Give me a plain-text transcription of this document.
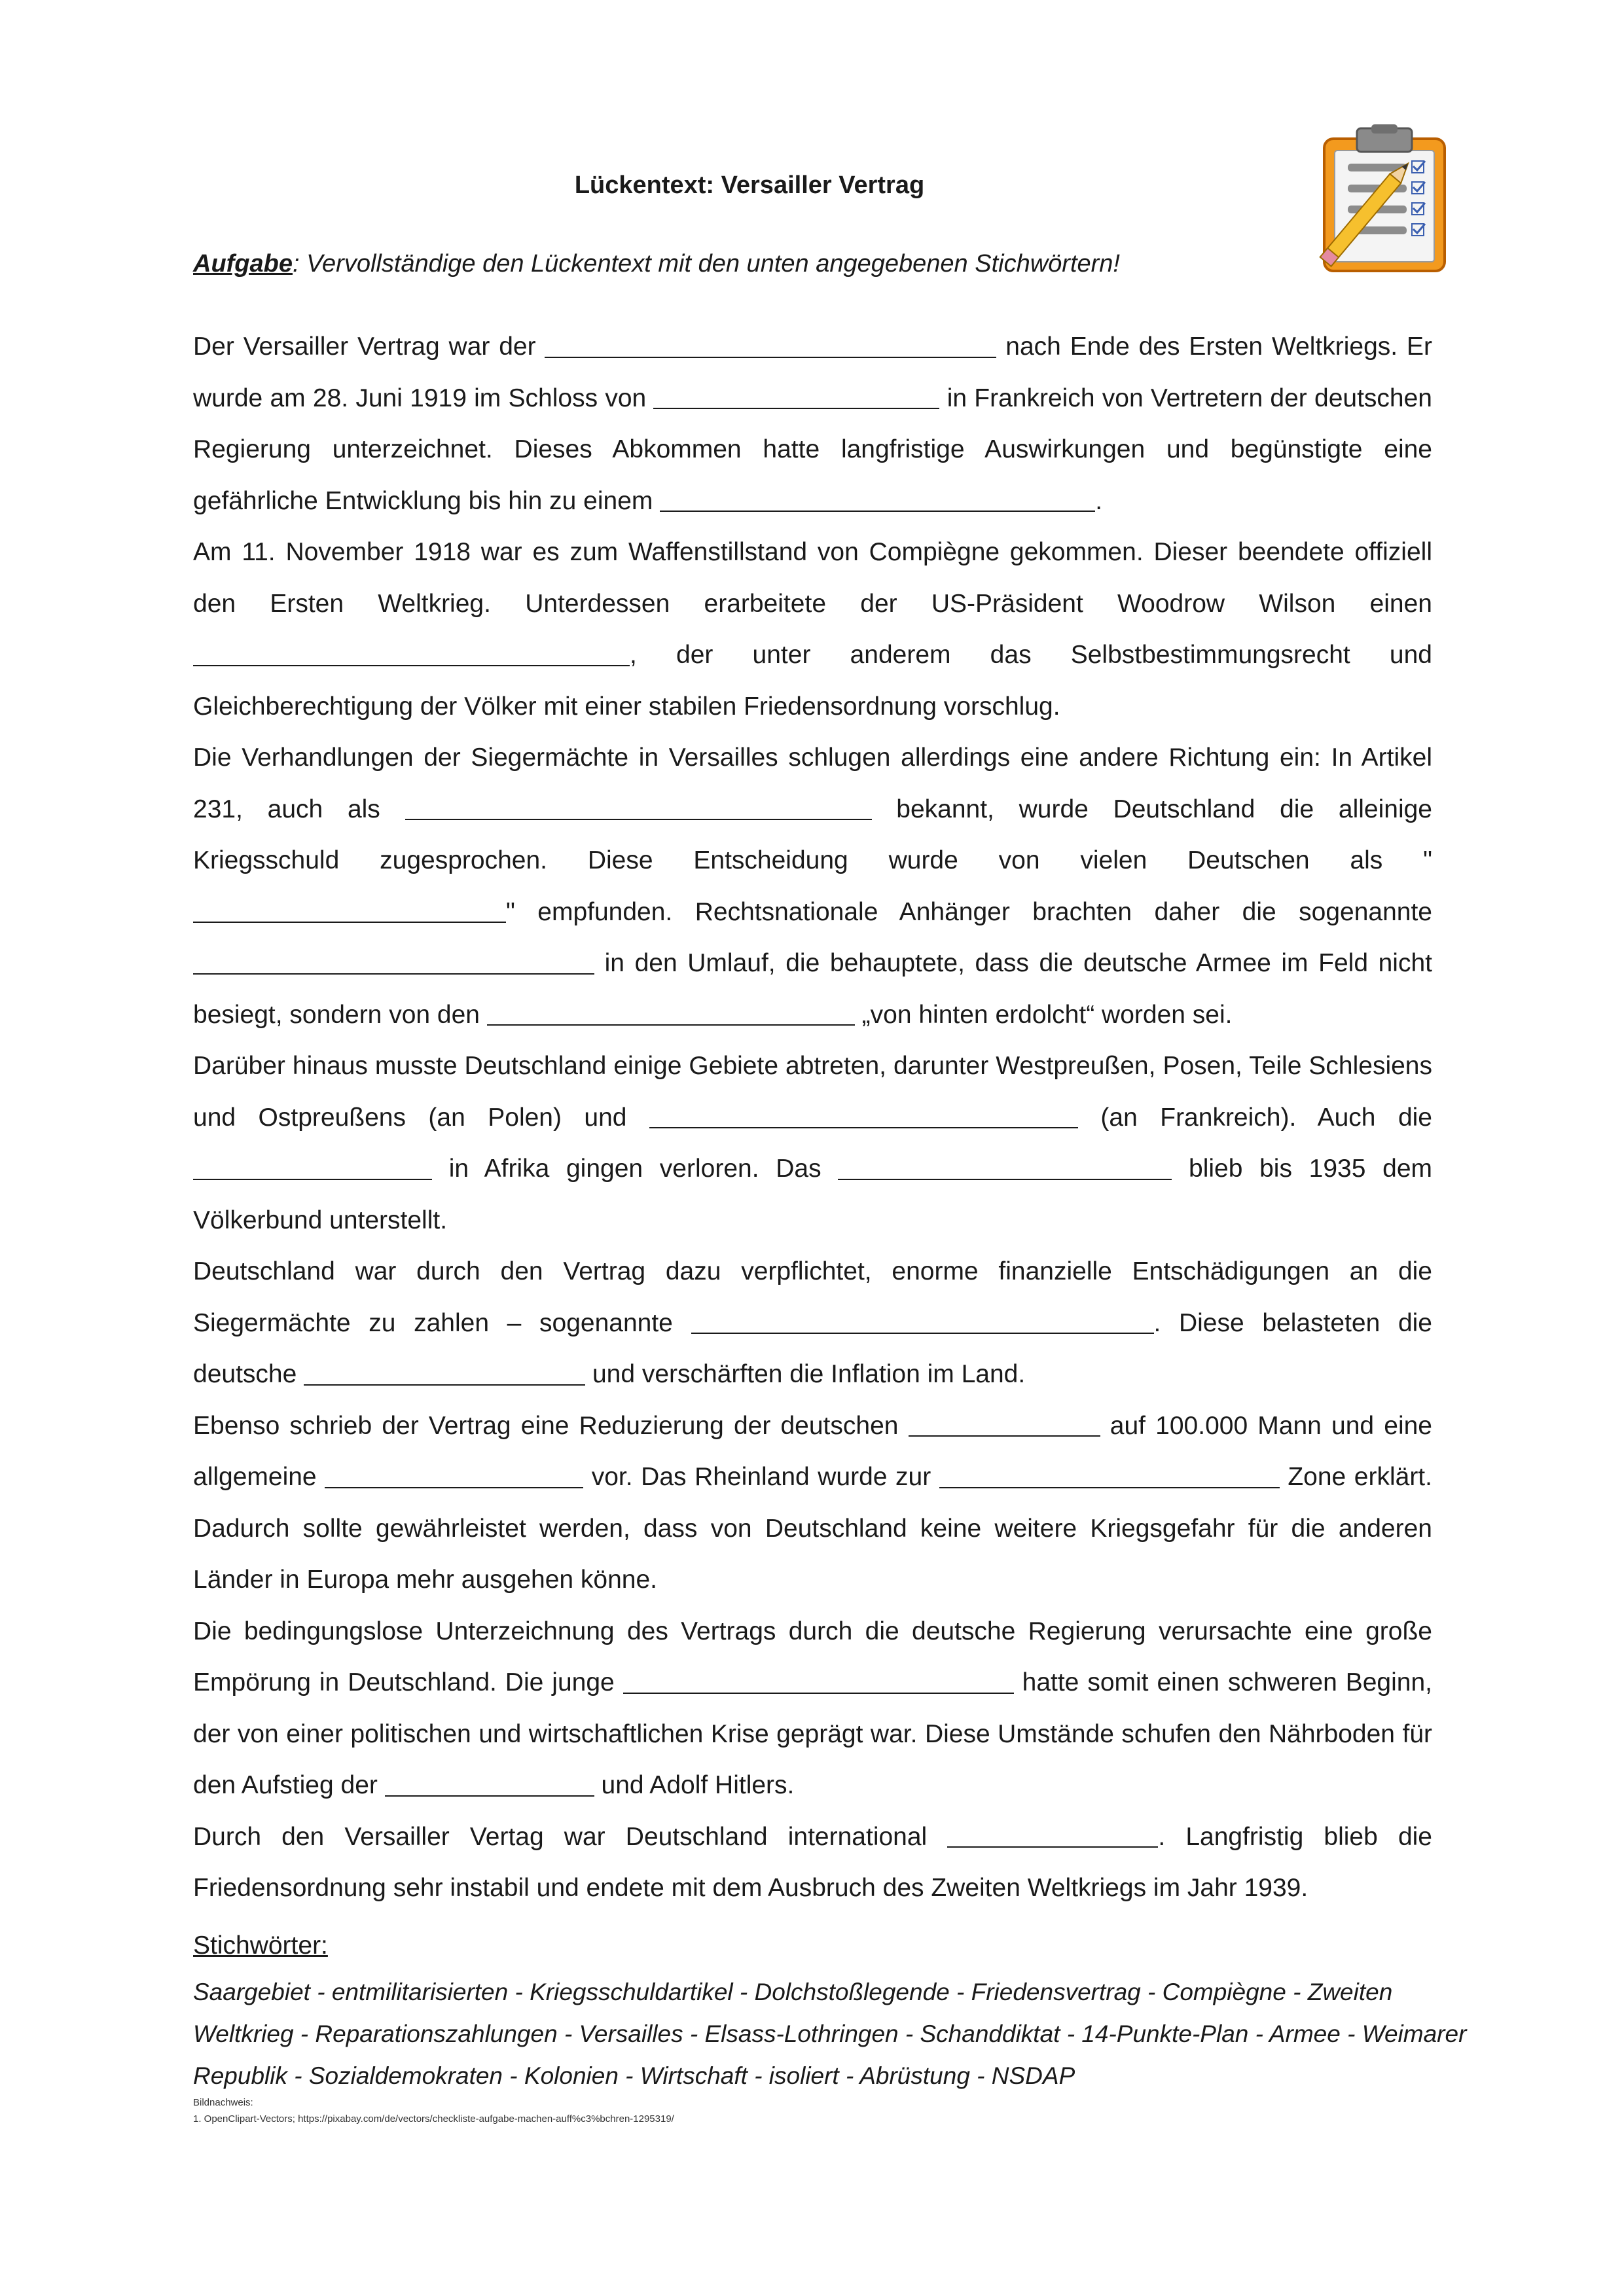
Lückentext: Versailler Vertrag
Aufgabe: Vervollständige den Lückentext mit den unten angegebenen Stichwörtern!

Der Versailler Vertrag war der	nach Ende des Ersten Weltkriegs. Er wurde am 28. Juni 1919 im Schloss von	in Frankreich von Vertretern der deutschen Regierung unterzeichnet. Dieses Abkommen hatte langfristige Auswirkungen und begünstigte eine gefährliche Entwicklung bis hin zu einem	.

Am 11. November 1918 war es zum Waffenstillstand von Compiègne gekommen. Dieser beendete offiziell den Ersten Weltkrieg. Unterdessen erarbeitete der US-Präsident Woodrow Wilson einen , der unter anderem das Selbstbestimmungsrecht und Gleichberechtigung der Völker mit einer stabilen Friedensordnung vorschlug.

Die Verhandlungen der Siegermächte in Versailles schlugen allerdings eine andere Richtung ein: In Artikel 231, auch als	bekannt, wurde Deutschland die alleinige Kriegsschuld zugesprochen. Diese Entscheidung wurde von vielen Deutschen als "" empfunden. Rechtsnationale Anhänger brachten daher die sogenannte  in den Umlauf, die behauptete, dass die deutsche Armee im Feld nicht besiegt, sondern von den	„von hinten erdolcht“ worden sei.

Darüber hinaus musste Deutschland einige Gebiete abtreten, darunter Westpreußen, Posen, Teile Schlesiens und Ostpreußens (an Polen) und	(an Frankreich). Auch die  in Afrika gingen verloren. Das	blieb bis 1935 dem Völkerbund unterstellt.

Deutschland war durch den Vertrag dazu verpflichtet, enorme finanzielle Entschädigungen an die Siegermächte zu zahlen – sogenannte	. Diese belasteten die deutsche	und verschärften die Inflation im Land.

Ebenso schrieb der Vertrag eine Reduzierung der deutschen	auf 100.000 Mann und eine allgemeine	vor. Das Rheinland wurde zur	Zone erklärt. Dadurch sollte gewährleistet werden, dass von Deutschland keine weitere Kriegsgefahr für die anderen Länder in Europa mehr ausgehen könne.

Die bedingungslose Unterzeichnung des Vertrags durch die deutsche Regierung verursachte eine große Empörung in Deutschland. Die junge	hatte somit einen schweren Beginn, der von einer politischen und wirtschaftlichen Krise geprägt war. Diese Umstände schufen den Nährboden für den Aufstieg der	und Adolf Hitlers.

Durch den Versailler Vertag war Deutschland international	. Langfristig blieb die Friedensordnung sehr instabil und endete mit dem Ausbruch des Zweiten Weltkriegs im Jahr 1939.

Stichwörter:
Saargebiet - entmilitarisierten - Kriegsschuldartikel - Dolchstoßlegende - Friedensvertrag - Compiègne - Zweiten Weltkrieg - Reparationszahlungen - Versailles - Elsass-Lothringen - Schanddiktat - 14-Punkte-Plan - Armee - Weimarer Republik - Sozialdemokraten - Kolonien - Wirtschaft - isoliert - Abrüstung - NSDAP
Bildnachweis:
1. OpenClipart-Vectors; https://pixabay.com/de/vectors/checkliste-aufgabe-machen-auff%c3%bchren-1295319/
